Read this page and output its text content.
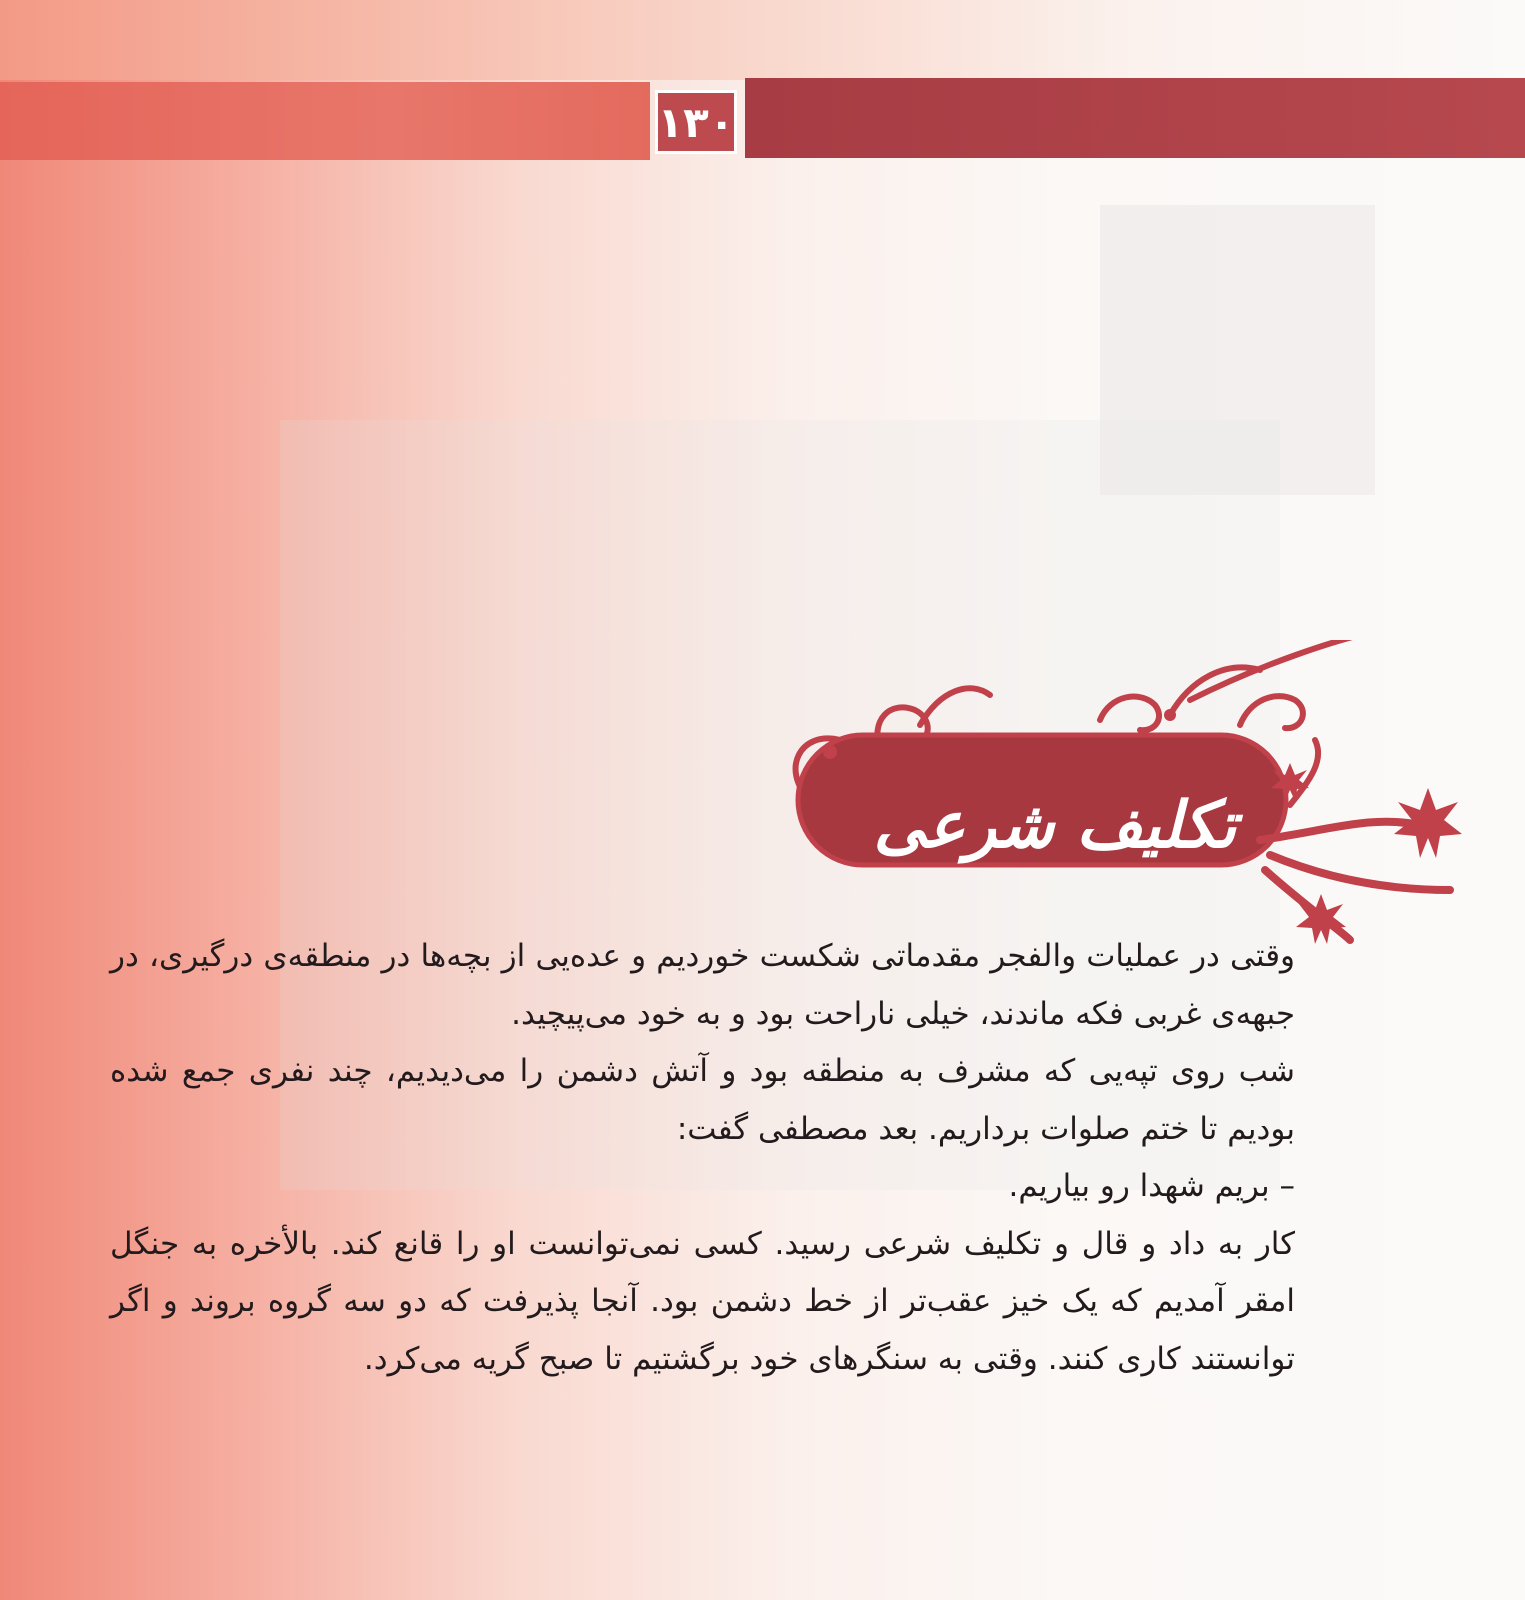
۱۳۰
تکلیف شرعی

وقتی در عملیات والفجر مقدماتی شکست خوردیم و عده‌یی از بچه‌ها در منطقه‌ی درگیری، در جبهه‌ی غربی فکه ماندند، خیلی ناراحت بود و به خود می‌پیچید.

شب روی تپه‌یی که مشرف به منطقه بود و آتش دشمن را می‌دیدیم، چند نفری جمع شده بودیم تا ختم صلوات برداریم. بعد مصطفی گفت:

– بریم شهدا رو بیاریم.

کار به داد و قال و تکلیف شرعی رسید. کسی نمی‌توانست او را قانع کند. بالأخره به جنگل امقر آمدیم که یک خیز عقب‌تر از خط دشمن بود. آنجا پذیرفت که دو سه گروه بروند و اگر توانستند کاری کنند. وقتی به سنگرهای خود برگشتیم تا صبح گریه می‌کرد.
